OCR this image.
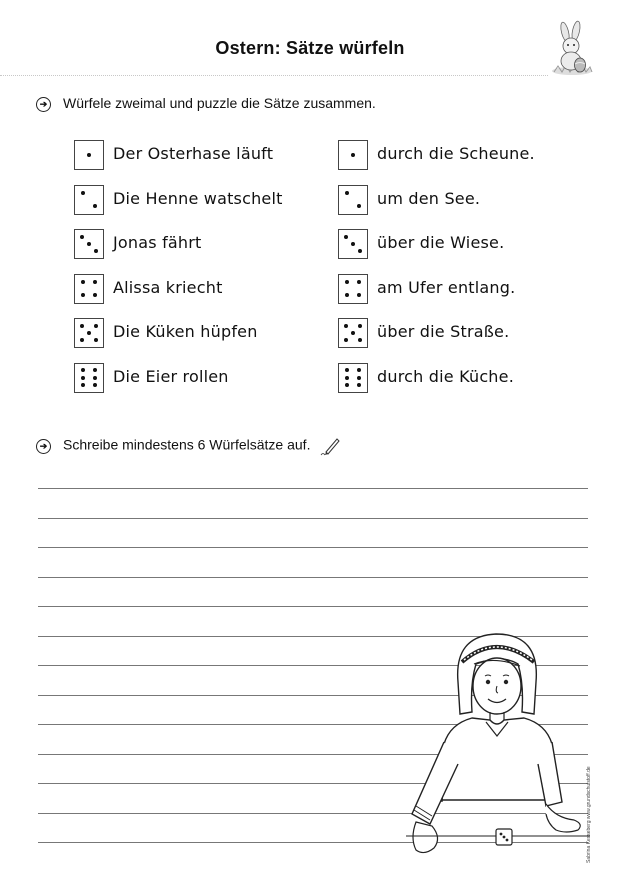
Ostern: Sätze würfeln
➔ Würfele zweimal und puzzle die Sätze zusammen.
Der Osterhase läuft
Die Henne watschelt
Jonas fährt
Alissa kriecht
Die Küken hüpfen
Die Eier rollen
durch die Scheune.
um den See.
über die Wiese.
am Ufer entlang.
über die Straße.
durch die Küche.
➔ Schreibe mindestens 6 Würfelsätze auf.
Sabrina Kesseberg www.grundschulstoff.de
